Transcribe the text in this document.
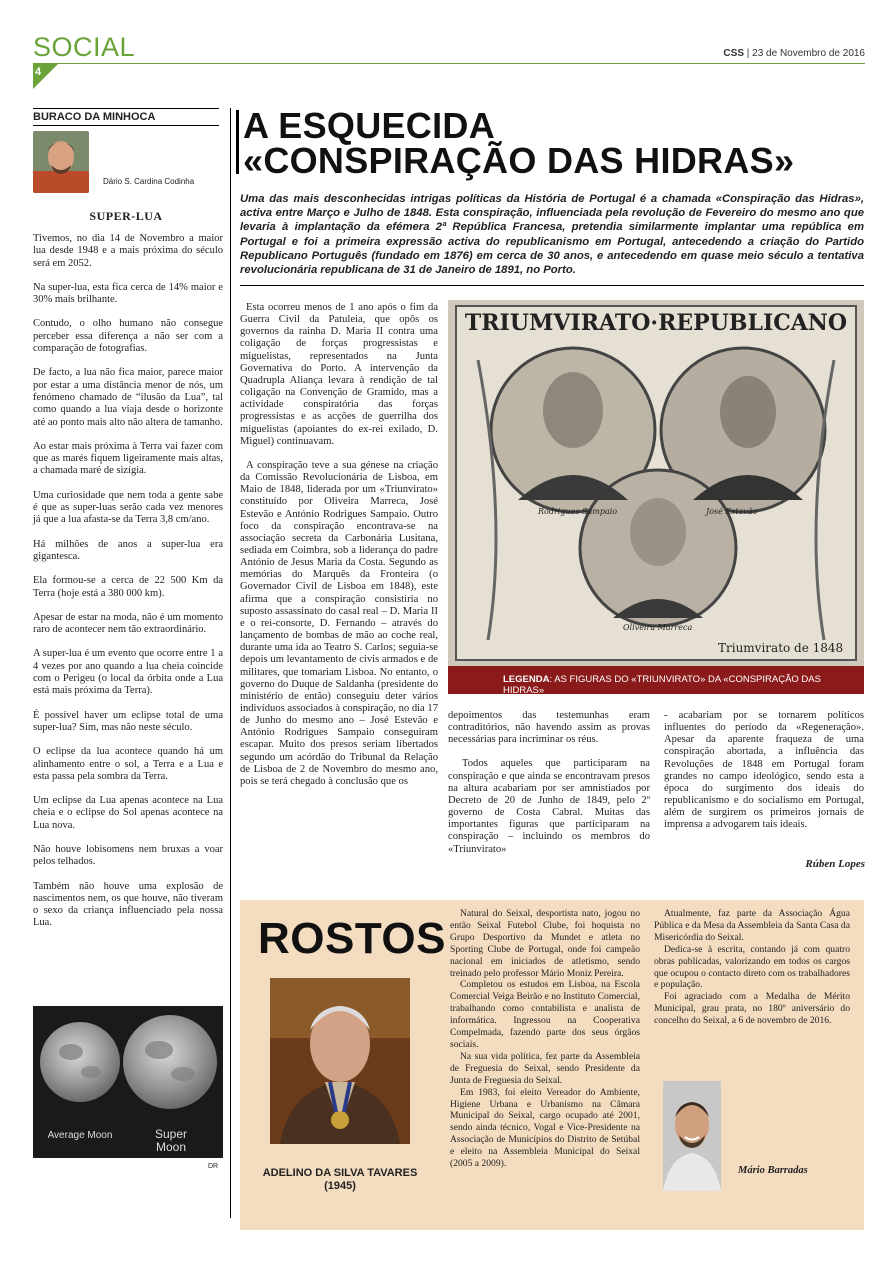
SOCIAL
4
CSS | 23 de Novembro de 2016
BURACO DA MINHOCA
Dário S. Cardina Codinha
SUPER-LUA

Tivemos, no dia 14 de Novembro a maior lua desde 1948 e a mais próxima do século será em 2052.

Na super-lua, esta fica cerca de 14% maior e 30% mais brilhante.

Contudo, o olho humano não consegue perceber essa diferença a não ser com a comparação de fotografias.

De facto, a lua não fica maior, parece maior por estar a uma distância menor de nós, um fenómeno chamado de “ilusão da Lua”, tal como quando a lua viaja desde o horizonte até ao ponto mais alto não altera de tamanho.

Ao estar mais próxima à Terra vai fazer com que as marés fiquem ligeiramente mais altas, a chamada maré de sizígia.

Uma curiosidade que nem toda a gente sabe é que as super-luas serão cada vez menores já que a lua afasta-se da Terra 3,8 cm/ano.

Há milhões de anos a super-lua era gigantesca.

Ela formou-se a cerca de 22 500 Km da Terra (hoje está a 380 000 km).

Apesar de estar na moda, não é um momento raro de acontecer nem tão extraordinário.

A super-lua é um evento que ocorre entre 1 a 4 vezes por ano quando a lua cheia coincide com o Perigeu (o local da órbita onde a Lua está mais próxima da Terra).

É possível haver um eclipse total de uma super-lua? Sim, mas não neste século.

O eclipse da lua acontece quando há um alinhamento entre o sol, a Terra e a Lua e esta passa pela sombra da Terra.

Um eclipse da Lua apenas acontece na Lua cheia e o eclipse do Sol apenas acontece na Lua nova.

Não houve lobisomens nem bruxas a voar pelos telhados.

Também não houve uma explosão de nascimentos nem, os que houve, não tiveram o sexo da criança influenciado pela nossa Lua.

Average Moon	Super Moon
DR
A ESQUECIDA
«CONSPIRAÇÃO DAS HIDRAS»
Uma das mais desconhecidas intrigas políticas da História de Portugal é a chamada «Conspiração das Hidras», activa entre Março e Julho de 1848. Esta conspiração, influenciada pela revolução de Fevereiro do mesmo ano que levaria à implantação da efémera 2ª República Francesa, pretendia similarmente implantar uma república em Portugal e foi a primeira expressão activa do republicanismo em Portugal, antecedendo a criação do Partido Republicano Português (fundado em 1876) em cerca de 30 anos, e antecedendo em quase meio século a tentativa revolucionária republicana de 31 de Janeiro de 1891, no Porto.

Esta ocorreu menos de 1 ano após o fim da Guerra Civil da Patuleia, que opôs os governos da rainha D. Maria II contra uma coligação de forças progressistas e miguelistas, representados na Junta Governativa do Porto. A intervenção da Quadrupla Aliança levara à rendição de tal coligação na Convenção de Gramido, mas a actividade conspiratória das forças progressistas e as acções de guerrilha dos miguelistas (apoiantes do ex-rei exilado, D. Miguel) continuavam.

A conspiração teve a sua génese na criação da Comissão Revolucionária de Lisboa, em Maio de 1848, liderada por um «Triunvirato» constituído por Oliveira Marreca, José Estevão e António Rodrigues Sampaio. Outro foco da conspiração encontrava-se na associação secreta da Carbonária Lusitana, sediada em Coimbra, sob a liderança do padre António de Jesus Maria da Costa. Segundo as memórias do Marquês da Fronteira (o Governador Civil de Lisboa em 1848), este afirma que a conspiração consistiria no suposto assassinato do casal real – D. Maria II e o rei-consorte, D. Fernando – através do lançamento de bombas de mão ao coche real, durante uma ida ao Teatro S. Carlos; seguia-se depois um levantamento de civis armados e de militares, que tomariam Lisboa. No entanto, o governo do Duque de Saldanha (presidente do ministério de então) conseguiu deter vários indivíduos associados à conspiração, no dia 17 de Junho do mesmo ano – José Estevão e António Rodrigues Sampaio conseguiram escapar. Muito dos presos seriam libertados segundo um acórdão do Tribunal da Relação de Lisboa de 2 de Novembro do mesmo ano, pois se terá chegado à conclusão que os

TRIUMVIRATO·REPUBLICANO
Rodrigues Sampaio	José Estevão
Oliveira Marreca
Triumvirato de 1848
LEGENDA: AS FIGURAS DO «TRIUNVIRATO» DA «CONSPIRAÇÃO DAS HIDRAS»

depoimentos das testemunhas eram contraditórios, não havendo assim as provas necessárias para incriminar os réus.

Todos aqueles que participaram na conspiração e que ainda se encontravam presos na altura acabariam por ser amnistiados por Decreto de 20 de Junho de 1849, pelo 2º governo de Costa Cabral. Muitas das importantes figuras que participaram na conspiração – incluindo os membros do «Triunvirato»

- acabariam por se tornarem políticos influentes do período da «Regeneração». Apesar da aparente fraqueza de uma conspiração abortada, a influência das Revoluções de 1848 em Portugal foram grandes no campo ideológico, sendo esta a época do surgimento dos ideais do republicanismo e do socialismo em Portugal, além de surgirem os primeiros jornais de imprensa a advogarem tais ideais.
Rúben Lopes
ROSTOS
ADELINO DA SILVA TAVARES
(1945)

Natural do Seixal, desportista nato, jogou no então Seixal Futebol Clube, foi hoquista no Grupo Desportivo da Mundet e atleta no Sporting Clube de Portugal, onde foi campeão nacional em iniciados de atletismo, sendo treinado pelo professor Mário Moniz Pereira.

Completou os estudos em Lisboa, na Escola Comercial Veiga Beirão e no Instituto Comercial, trabalhando como contabilista e analista de informática. Ingressou na Cooperativa Compelmada, fazendo parte dos seus órgãos sociais.

Na sua vida política, fez parte da Assembleia de Freguesia do Seixal, sendo Presidente da Junta de Freguesia do Seixal.

Em 1983, foi eleito Vereador do Ambiente, Higiene Urbana e Urbanismo na Câmara Municipal do Seixal, cargo ocupado até 2001, sendo ainda técnico, Vogal e Vice-Presidente na Associação de Municípios do Distrito de Setúbal e eleito na Assembleia Municipal do Seixal (2005 a 2009).

Atualmente, faz parte da Associação Água Pública e da Mesa da Assembleia da Santa Casa da Misericórdia do Seixal.

Dedica-se à escrita, contando já com quatro obras publicadas, valorizando em todos os cargos que ocupou o contacto direto com os trabalhadores e população.

Foi agraciado com a Medalha de Mérito Municipal, grau prata, no 180º aniversário do concelho do Seixal, a 6 de novembro de 2016.

Mário Barradas
